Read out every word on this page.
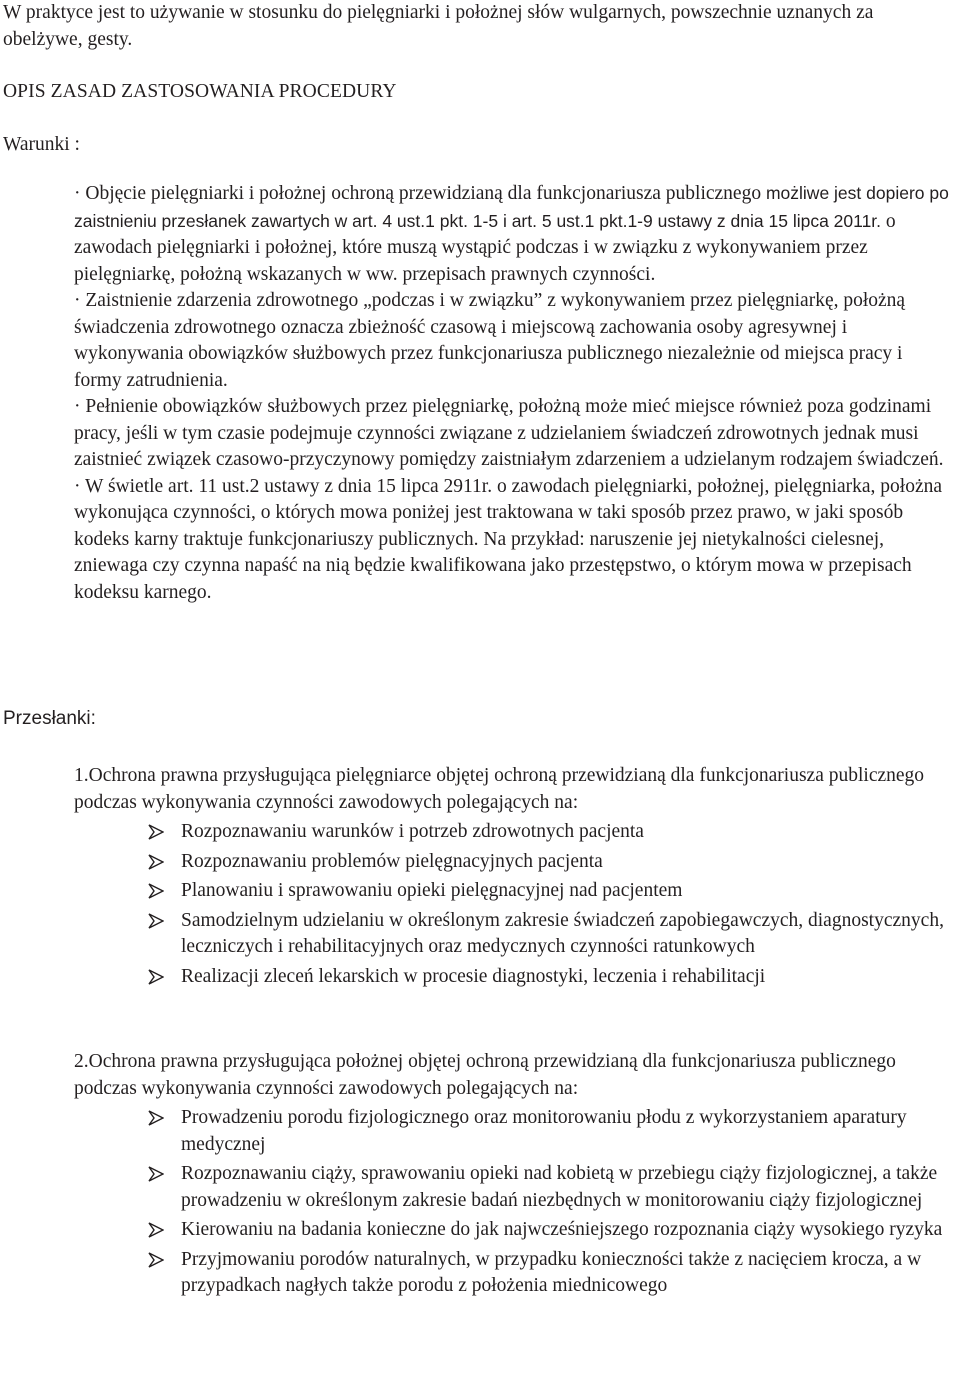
W praktyce jest to używanie w stosunku do pielęgniarki i położnej słów wulgarnych, powszechnie uznanych za obelżywe, gesty.

OPIS ZASAD ZASTOSOWANIA PROCEDURY

Warunki :

· Objęcie pielęgniarki i położnej ochroną przewidzianą dla funkcjonariusza publicznego możliwe jest dopiero po zaistnieniu przesłanek zawartych w art. 4 ust.1 pkt. 1-5 i art. 5 ust.1 pkt.1-9 ustawy z dnia 15 lipca 2011r. o zawodach pielęgniarki i położnej, które muszą wystąpić podczas i w związku z wykonywaniem przez pielęgniarkę, położną wskazanych w ww. przepisach prawnych czynności.

· Zaistnienie zdarzenia zdrowotnego „podczas i w związku” z wykonywaniem przez pielęgniarkę, położną świadczenia zdrowotnego oznacza zbieżność czasową i miejscową zachowania osoby agresywnej i wykonywania obowiązków służbowych przez funkcjonariusza publicznego niezależnie od miejsca pracy i formy zatrudnienia.

· Pełnienie obowiązków służbowych przez pielęgniarkę, położną może mieć miejsce również poza godzinami pracy, jeśli w tym czasie podejmuje czynności związane z udzielaniem świadczeń zdrowotnych jednak musi zaistnieć związek czasowo-przyczynowy pomiędzy zaistniałym zdarzeniem a udzielanym rodzajem świadczeń.

· W świetle art. 11 ust.2 ustawy z dnia 15 lipca 2911r. o zawodach pielęgniarki, położnej, pielęgniarka, położna wykonująca czynności, o których mowa poniżej jest traktowana w taki sposób przez prawo, w jaki sposób kodeks karny traktuje funkcjonariuszy publicznych. Na przykład: naruszenie jej nietykalności cielesnej, zniewaga czy czynna napaść na nią będzie kwalifikowana jako przestępstwo, o którym mowa w przepisach kodeksu karnego.

Przesłanki:

1.Ochrona prawna przysługująca pielęgniarce objętej ochroną przewidzianą dla funkcjonariusza publicznego podczas wykonywania czynności zawodowych polegających na:

Rozpoznawaniu warunków i potrzeb zdrowotnych pacjenta
Rozpoznawaniu problemów pielęgnacyjnych pacjenta
Planowaniu i sprawowaniu opieki pielęgnacyjnej nad pacjentem
Samodzielnym udzielaniu w określonym zakresie świadczeń zapobiegawczych, diagnostycznych, leczniczych i rehabilitacyjnych oraz medycznych czynności ratunkowych
Realizacji zleceń lekarskich w procesie diagnostyki, leczenia i rehabilitacji

2.Ochrona prawna przysługująca położnej objętej ochroną przewidzianą dla funkcjonariusza publicznego podczas wykonywania czynności zawodowych polegających na:

Prowadzeniu porodu fizjologicznego oraz monitorowaniu płodu z wykorzystaniem aparatury medycznej
Rozpoznawaniu ciąży, sprawowaniu opieki nad kobietą w przebiegu ciąży fizjologicznej, a także prowadzeniu w określonym zakresie badań niezbędnych w monitorowaniu ciąży fizjologicznej
Kierowaniu na badania konieczne do jak najwcześniejszego rozpoznania ciąży wysokiego ryzyka
Przyjmowaniu porodów naturalnych, w przypadku konieczności także z nacięciem krocza, a w przypadkach nagłych także porodu z położenia miednicowego
